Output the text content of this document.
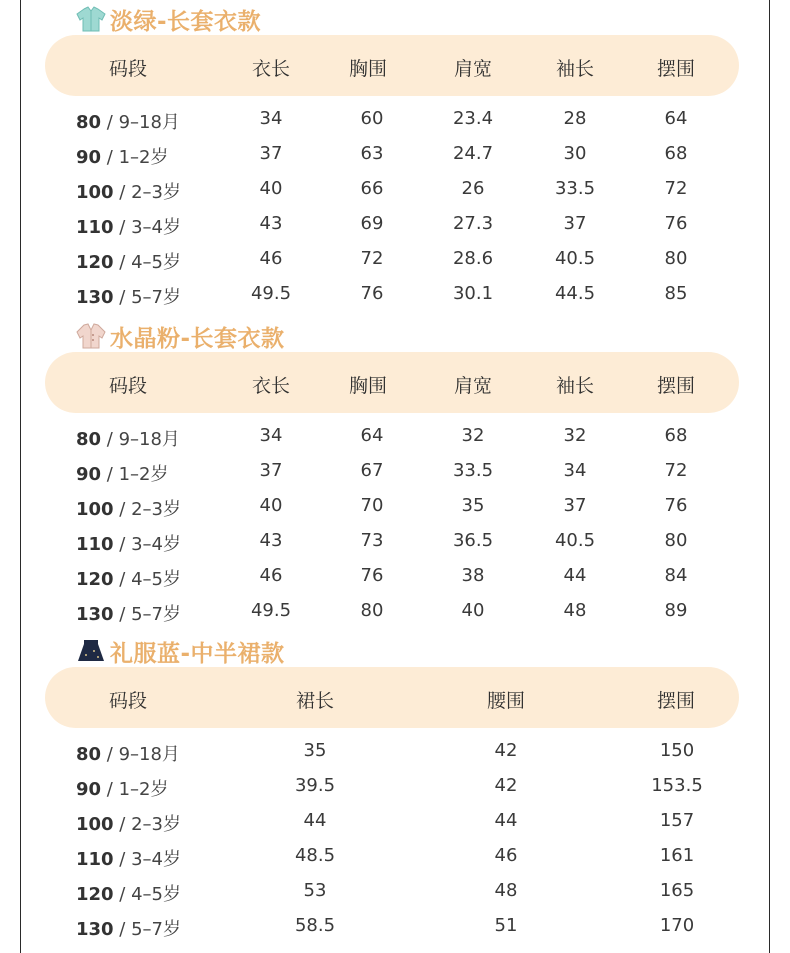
淡绿-长套衣款
码段	衣长	胸围	肩宽	袖长	摆围
80 / 9–18月	34	60	23.4	28	64
90 / 1–2岁	37	63	24.7	30	68
100 / 2–3岁	40	66	26	33.5	72
110 / 3–4岁	43	69	27.3	37	76
120 / 4–5岁	46	72	28.6	40.5	80
130 / 5–7岁	49.5	76	30.1	44.5	85
水晶粉-长套衣款
码段	衣长	胸围	肩宽	袖长	摆围
80 / 9–18月	34	64	32	32	68
90 / 1–2岁	37	67	33.5	34	72
100 / 2–3岁	40	70	35	37	76
110 / 3–4岁	43	73	36.5	40.5	80
120 / 4–5岁	46	76	38	44	84
130 / 5–7岁	49.5	80	40	48	89
礼服蓝-中半裙款
码段	裙长	腰围	摆围
80 / 9–18月	35	42	150
90 / 1–2岁	39.5	42	153.5
100 / 2–3岁	44	44	157
110 / 3–4岁	48.5	46	161
120 / 4–5岁	53	48	165
130 / 5–7岁	58.5	51	170
